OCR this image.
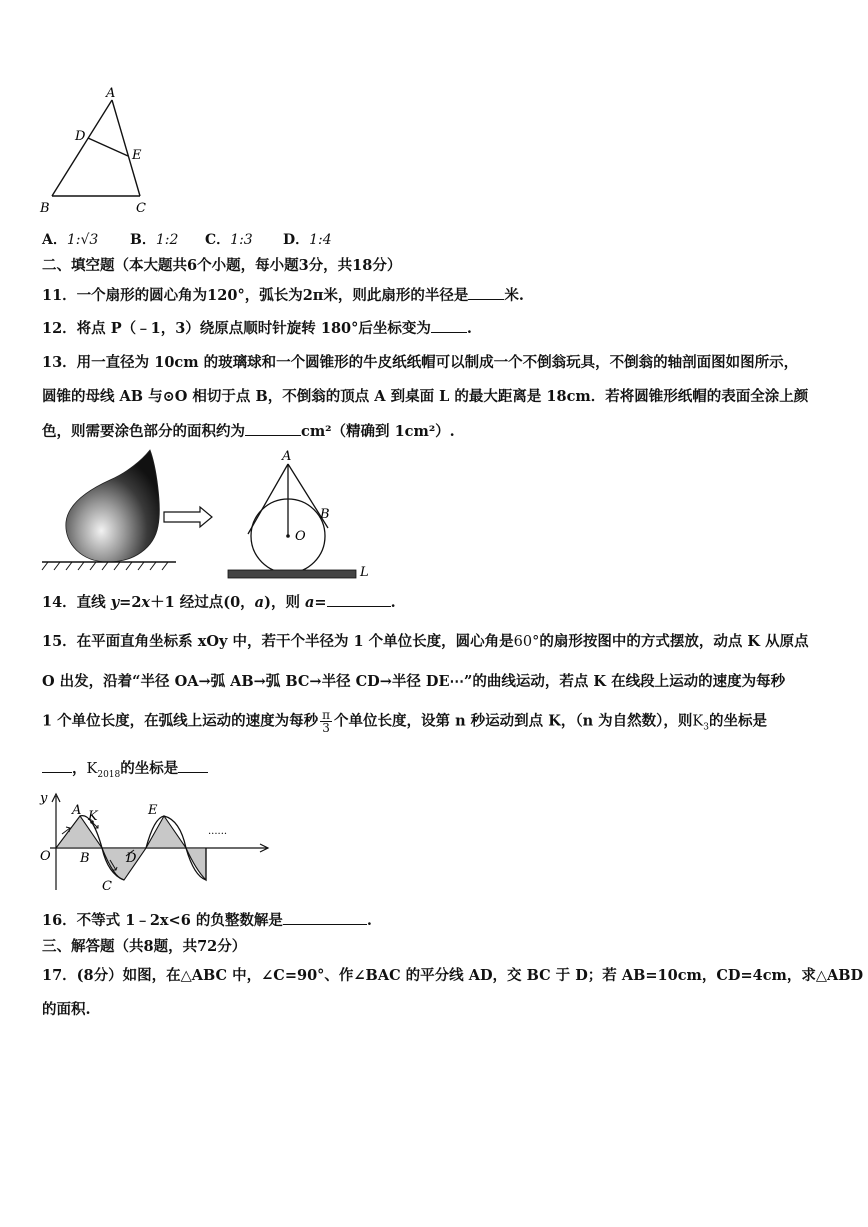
A
D
E
B	C
A．1:√3 B．1:2 C．1:3 D．1:4
二、填空题（本大题共6个小题，每小题3分，共18分）
11．一个扇形的圆心角为120°，弧长为2π米，则此扇形的半径是 米.
12．将点 P（﹣1，3）绕原点顺时针旋转 180°后坐标变为 .
13．用一直径为 10cm 的玻璃球和一个圆锥形的牛皮纸纸帽可以制成一个不倒翁玩具，不倒翁的轴剖面图如图所示，
圆锥的母线 AB 与⊙O 相切于点 B，不倒翁的顶点 A 到桌面 L 的最大距离是 18cm．若将圆锥形纸帽的表面全涂上颜
色，则需要涂色部分的面积约为	cm²（精确到 1cm²）.
A
B
O
L
14．直线 y=2x＋1 经过点(0，a)，则 a=	.
15．在平面直角坐标系 xOy 中，若干个半径为 1 个单位长度，圆心角是60°的扇形按图中的方式摆放，动点 K 从原点
O 出发，沿着“半径 OA→弧 AB→弧 BC→半径 CD→半径 DE⋯”的曲线运动，若点 K 在线段上运动的速度为每秒
1 个单位长度，在弧线上运动的速度为每秒 $\frac{\pi}{3}$ 个单位长度，设第 n 秒运动到点 K，（n 为自然数），则$K_3$的坐标是
，$K_{2018}$的坐标是
y
O
A K
B
C
D
E
......
16．不等式 1﹣2x<6 的负整数解是	.
三、解答题（共8题，共72分）
17．(8分）如图，在△ABC 中，∠C=90°、作∠BAC 的平分线 AD，交 BC 于 D；若 AB=10cm，CD=4cm，求△ABD
的面积.
